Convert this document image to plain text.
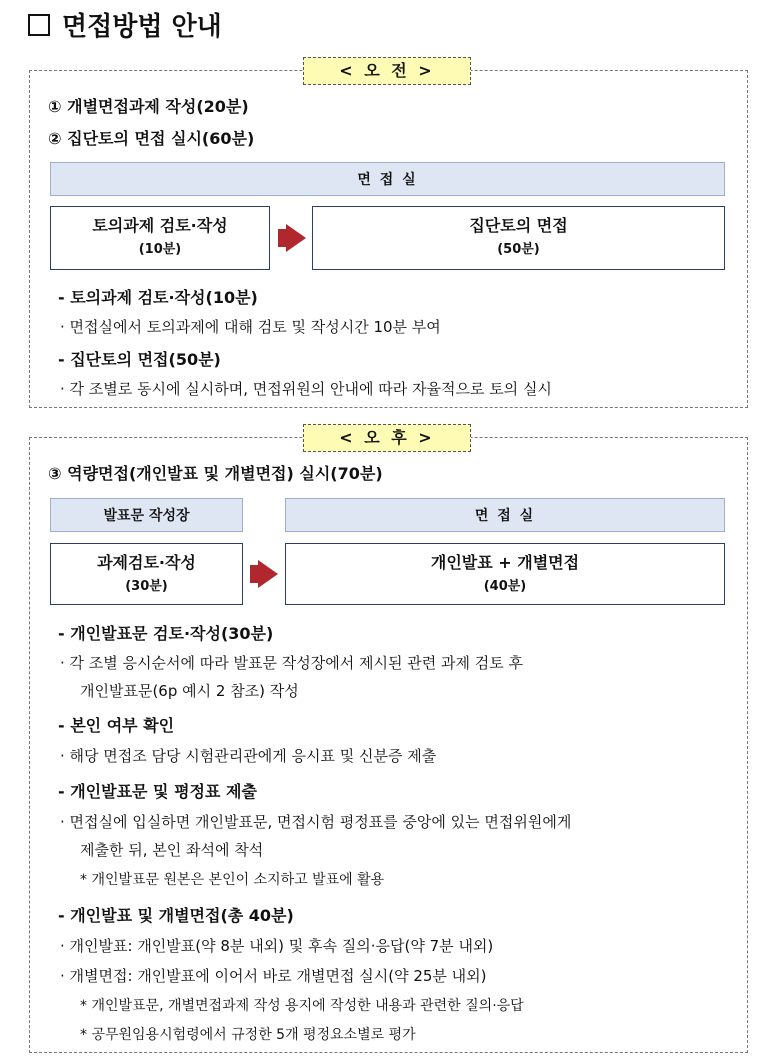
면접방법 안내
< 오 전 >
① 개별면접과제 작성(20분)
② 집단토의 면접 실시(60분)
면 접 실
토의과제 검토·작성
(10분)
집단토의 면접
(50분)
- 토의과제 검토·작성(10분)
· 면접실에서 토의과제에 대해 검토 및 작성시간 10분 부여
- 집단토의 면접(50분)
· 각 조별로 동시에 실시하며, 면접위원의 안내에 따라 자율적으로 토의 실시
< 오 후 >
③ 역량면접(개인발표 및 개별면접) 실시(70분)
발표문 작성장	면 접 실
과제검토·작성
(30분)
개인발표 + 개별면접
(40분)
- 개인발표문 검토·작성(30분)
· 각 조별 응시순서에 따라 발표문 작성장에서 제시된 관련 과제 검토 후
개인발표문(6p 예시 2 참조) 작성
- 본인 여부 확인
· 해당 면접조 담당 시험관리관에게 응시표 및 신분증 제출
- 개인발표문 및 평정표 제출
· 면접실에 입실하면 개인발표문, 면접시험 평정표를 중앙에 있는 면접위원에게
제출한 뒤, 본인 좌석에 착석
* 개인발표문 원본은 본인이 소지하고 발표에 활용
- 개인발표 및 개별면접(총 40분)
· 개인발표: 개인발표(약 8분 내외) 및 후속 질의·응답(약 7분 내외)
· 개별면접: 개인발표에 이어서 바로 개별면접 실시(약 25분 내외)
* 개인발표문, 개별면접과제 작성 용지에 작성한 내용과 관련한 질의·응답
* 공무원임용시험령에서 규정한 5개 평정요소별로 평가
